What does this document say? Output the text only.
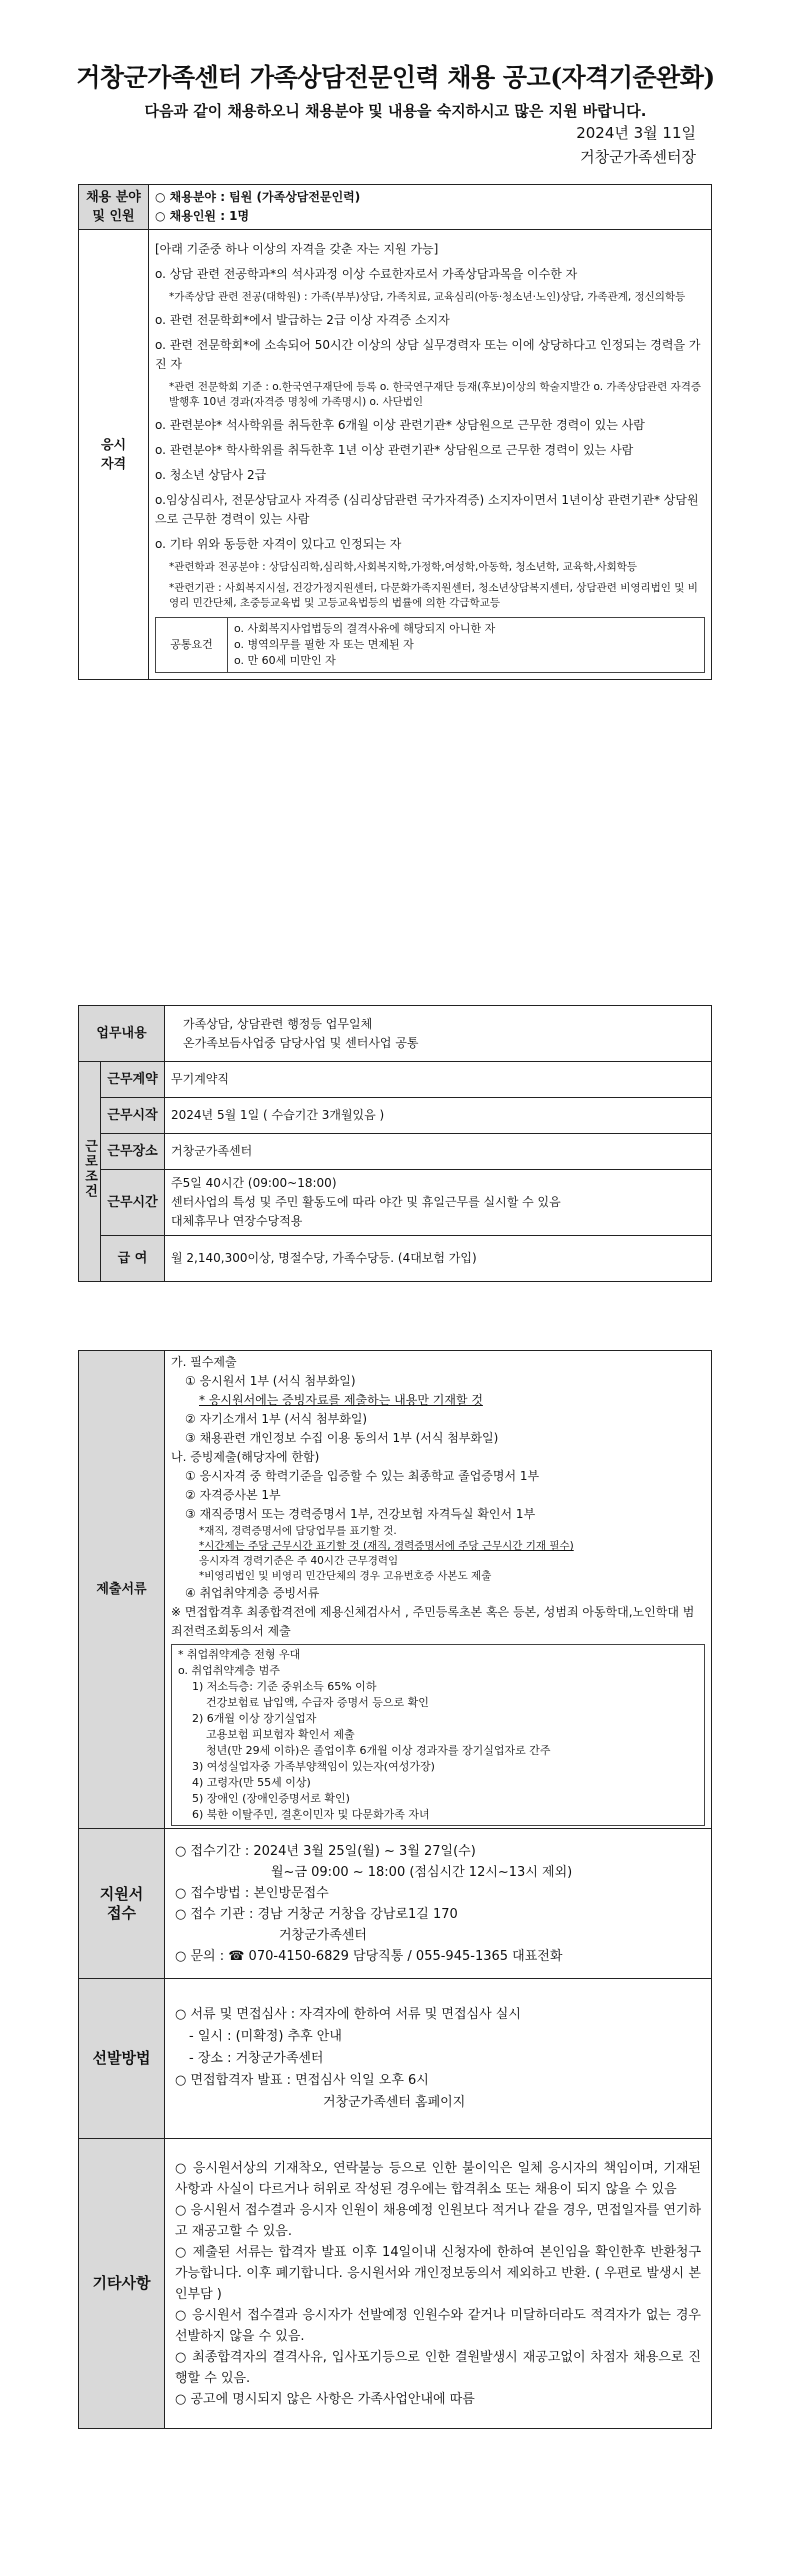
거창군가족센터 가족상담전문인력 채용 공고(자격기준완화)
다음과 같이 채용하오니 채용분야 및 내용을 숙지하시고 많은 지원 바랍니다.
2024년 3월 11일
거창군가족센터장
채용 분야
및 인원	
○ 채용분야 : 팀원 (가족상담전문인력)
○ 채용인원 : 1명

응시
자격	
[아래 기준중 하나 이상의 자격을 갖춘 자는 지원 가능]
o. 상담 관련 전공학과*의 석사과정 이상 수료한자로서 가족상담과목을 이수한 자
*가족상담 관련 전공(대학원) : 가족(부부)상담, 가족치료, 교육심리(아동·청소년·노인)상담, 가족관계, 정신의학등
o. 관련 전문학회*에서 발급하는 2급 이상 자격증 소지자
o. 관련 전문학회*에 소속되어 50시간 이상의 상담 실무경력자 또는 이에 상당하다고 인정되는 경력을 가진 자
*관련 전문학회 기준 : o.한국연구재단에 등록 o. 한국연구재단 등재(후보)이상의 학술지발간 o. 가족상담관련 자격증 발행후 10년 경과(자격증 명칭에 가족명시) o. 사단법인
o. 관련분야* 석사학위를 취득한후 6개월 이상 관련기관* 상담원으로 근무한 경력이 있는 사람
o. 관련분야* 학사학위를 취득한후 1년 이상 관련기관* 상담원으로 근무한 경력이 있는 사람
o. 청소년 상담사 2급
o.임상심리사, 전문상담교사 자격증 (심리상담관련 국가자격증) 소지자이면서 1년이상 관련기관* 상담원으로 근무한 경력이 있는 사람
o. 기타 위와 동등한 자격이 있다고 인정되는 자
*관련학과 전공분야 : 상담심리학,심리학,사회복지학,가정학,여성학,아동학, 청소년학, 교육학,사회학등
*관련기관 : 사회복지시설, 건강가정지원센터, 다문화가족지원센터, 청소년상담복지센터, 상담관련 비영리법인 및 비영리 민간단체, 초중등교육법 및 고등교육법등의 법률에 의한 각급학교등
공통요건	
o. 사회복지사업법등의 결격사유에 해당되지 아니한 자
o. 병역의무를 필한 자 또는 면제된 자
o. 만 60세 미만인 자
업무내용		가족상담, 상담관련 행정등 업무일체
온가족보듬사업중 담당사업 및 센터사업 공통

근로조건	근무계약	무기계약직
	근무시작	2024년 5월 1일 ( 수습기간 3개월있음 )
	근무장소	거창군가족센터
	근무시간	주5일 40시간 (09:00~18:00)
센터사업의 특성 및 주민 활동도에 따라 야간 및 휴일근무를 실시할 수 있음
대체휴무나 연장수당적용

	급 여	월 2,140,300이상, 명절수당, 가족수당등. (4대보험 가입)
제출서류	
가. 필수제출
① 응시원서 1부 (서식 첨부화일)
* 응시원서에는 증빙자료를 제출하는 내용만 기재할 것
② 자기소개서 1부 (서식 첨부화일)
③ 채용관련 개인정보 수집 이용 동의서 1부 (서식 첨부화일)
나. 증빙제출(해당자에 한함)
① 응시자격 중 학력기준을 입증할 수 있는 최종학교 졸업증명서 1부
② 자격증사본 1부
③ 재직증명서 또는 경력증명서 1부, 건강보험 자격득실 확인서 1부
*재직, 경력증명서에 담당업무를 표기할 것.
*시간제는 주당 근무시간 표기할 것 (재직, 경력증명서에 주당 근무시간 기재 필수)
응시자격 경력기준은 주 40시간 근무경력임
*비영리법인 및 비영리 민간단체의 경우 고유번호증 사본도 제출
④ 취업취약계층 증빙서류
※ 면접합격후 최종합격전에 제용신체검사서 , 주민등록초본 혹은 등본, 성범죄 아동학대,노인학대 범죄전력조회동의서 제출
* 취업취약계층 전형 우대
o. 취업취약계층 범주
1) 저소득층: 기준 중위소득 65% 이하
건강보험료 납입액, 수급자 증명서 등으로 확인
2) 6개월 이상 장기실업자
고용보험 피보험자 확인서 제출
청년(만 29세 이하)은 졸업이후 6개월 이상 경과자를 장기실업자로 간주
3) 여성실업자중 가족부양책임이 있는자(여성가장)
4) 고령자(만 55세 이상)
5) 장애인 (장애인증명서로 확인)
6) 북한 이탈주민, 결혼이민자 및 다문화가족 자녀

지원서
접수	
○ 접수기간 : 2024년 3월 25일(월) ~ 3월 27일(수)
월~금 09:00 ~ 18:00 (점심시간 12시~13시 제외)
○ 접수방법 : 본인방문접수
○ 접수 기관 : 경남 거창군 거창읍 강남로1길 170
거창군가족센터
○ 문의 : ☎ 070-4150-6829 담당직통 / 055-945-1365 대표전화

선발방법	
○ 서류 및 면접심사 : 자격자에 한하여 서류 및 면접심사 실시
- 일시 : (미확정) 추후 안내
- 장소 : 거창군가족센터
○ 면접합격자 발표 : 면접심사 익일 오후 6시
거창군가족센터 홈페이지

기타사항	
○ 응시원서상의 기재착오, 연락불능 등으로 인한 불이익은 일체 응시자의 책임이며, 기재된 사항과 사실이 다르거나 허위로 작성된 경우에는 합격취소 또는 채용이 되지 않을 수 있음
○ 응시원서 접수결과 응시자 인원이 채용예정 인원보다 적거나 같을 경우, 면접일자를 연기하고 재공고할 수 있음.
○ 제출된 서류는 합격자 발표 이후 14일이내 신청자에 한하여 본인임을 확인한후 반환청구 가능합니다. 이후 폐기합니다. 응시원서와 개인정보동의서 제외하고 반환. ( 우편로 발생시 본인부담 )
○ 응시원서 접수결과 응시자가 선발예정 인원수와 같거나 미달하더라도 적격자가 없는 경우 선발하지 않을 수 있음.
○ 최종합격자의 결격사유, 입사포기등으로 인한 결원발생시 재공고없이 차점자 채용으로 진행할 수 있음.
○ 공고에 명시되지 않은 사항은 가족사업안내에 따름
